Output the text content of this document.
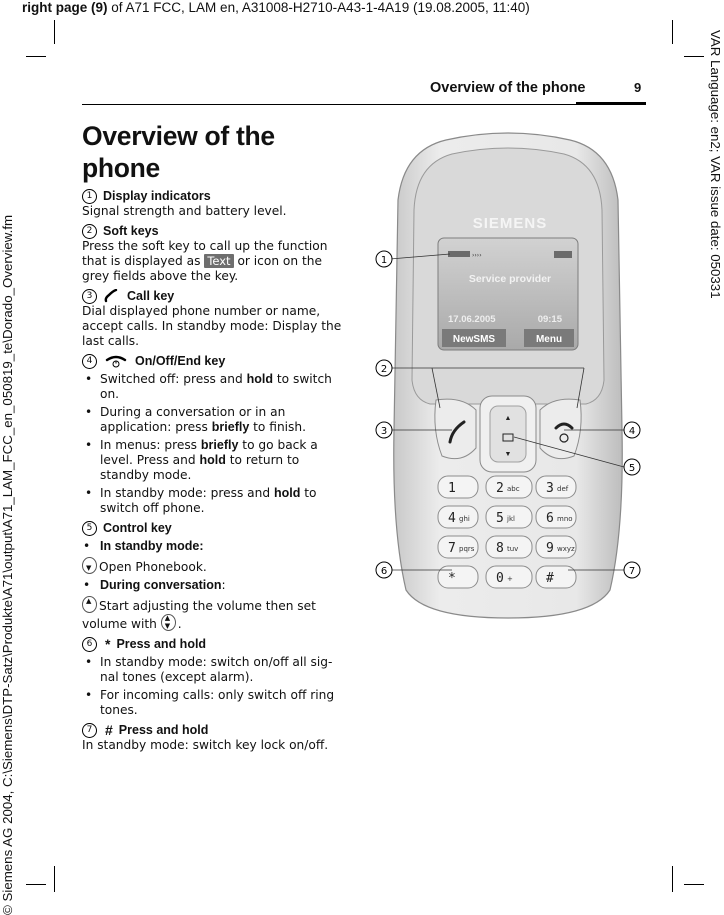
right page (9) of A71 FCC, LAM en, A31008-H2710-A43-1-4A19 (19.08.2005, 11:40)
VAR Language: en2; VAR issue date: 050331
© Siemens AG 2004, C:\Siemens\DTP-Satz\Produkte\A71\output\A71_LAM_FCC_en_050819_te\Dorado_Overview.fm
Overview of the phone	9
Overview of the phone
1 Display indicators
Signal strength and battery level.
2 Soft keys
Press the soft key to call up the function that is displayed as Text or icon on the grey fields above the key.
3	Call key
Dial displayed phone number or name, accept calls. In standby mode: Display the last calls.
4	On/Off/End key
• Switched off: press and hold to switch on.
• During a conversation or in an application: press briefly to finish.
• In menus: press briefly to go back a level. Press and hold to return to standby mode.
• In standby mode: press and hold to switch off phone.
5 Control key
• In standby mode:
▼ Open Phonebook.
• During conversation:
▲ Start adjusting the volume then set volume with ▲
▼ .
6 * Press and hold
• In standby mode: switch on/off all sig-nal tones (except alarm).
• For incoming calls: only switch off ring tones.
7 # Press and hold
In standby mode: switch key lock on/off.
SIEMENS
››››
Service provider
17.06.2005	09:15
NewSMS	Menu
▲
▼
1	2 abc 3 def
4 ghi 5 jkl 6 mno
7 pqrs 8 tuv 9 wxyz
*	0 +	#
1
2
3	4
5
6	7
